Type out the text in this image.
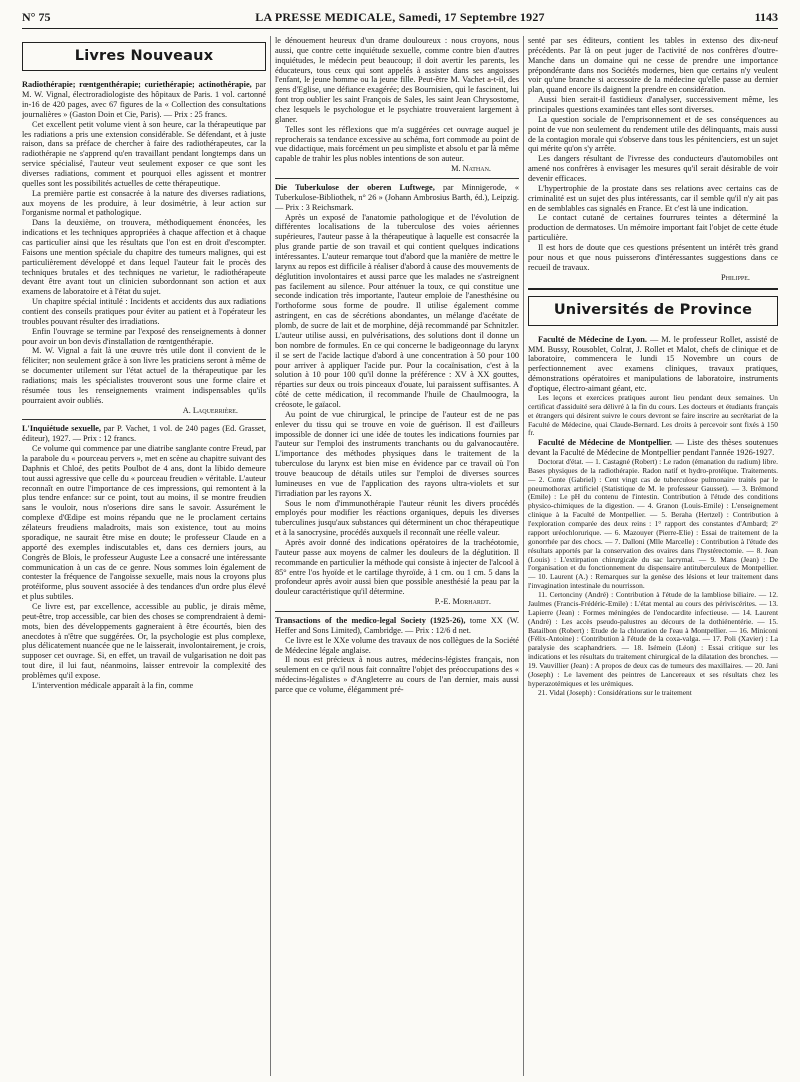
N° 75	LA PRESSE MEDICALE, Samedi, 17 Septembre 1927	1143
Livres Nouveaux

Radiothérapie; rœntgenthérapie; curiethérapie; actinothérapie, par M. W. Vignal, électroradiologiste des hôpitaux de Paris. 1 vol. cartonné in-16 de 420 pages, avec 67 figures de la « Collection des consultations journalières » (Gaston Doin et Cie, Paris). — Prix : 25 francs.

Cet excellent petit volume vient à son heure, car la thérapeutique par les radiations a pris une extension considérable. Se défendant, et à juste raison, dans sa préface de chercher à faire des radiothérapeutes, car la radiothérapie ne s'apprend qu'en travaillant pendant longtemps dans un service spécialisé, l'auteur veut seulement exposer ce que sont les diverses radiations, comment et pourquoi elles agissent et montrer quelles sont les possibilités actuelles de cette thérapeutique.

La première partie est consacrée à la nature des diverses radiations, aux moyens de les produire, à leur dosimétrie, à leur action sur l'organisme normal et pathologique.

Dans la deuxième, on trouvera, méthodiquement énoncées, les indications et les techniques appropriées à chaque affection et à chaque cas particulier ainsi que les résultats que l'on est en droit d'escompter. Faisons une mention spéciale du chapitre des tumeurs malignes, qui est particulièrement développé et dans lequel l'auteur fait le procès des techniques brutales et des techniques ne varietur, le radiothérapeute devant être avant tout un clinicien subordonnant son action et aux examens de laboratoire et à l'état du sujet.

Un chapitre spécial intitulé : Incidents et accidents dus aux radiations contient des conseils pratiques pour éviter au patient et à l'opérateur les troubles pouvant résulter des irradiations.

Enfin l'ouvrage se termine par l'exposé des renseignements à donner pour avoir un bon devis d'installation de rœntgenthérapie.

M. W. Vignal a fait là une œuvre très utile dont il convient de le féliciter; non seulement grâce à son livre les praticiens seront à même de se documenter utilement sur l'état actuel de la thérapeutique par les radiations; mais les spécialistes trouveront sous une forme claire et résumée tous les renseignements vraiment indispensables qu'ils pourraient avoir oubliés.

A. Laquerrière.

L'Inquiétude sexuelle, par P. Vachet, 1 vol. de 240 pages (Ed. Grasset, éditeur), 1927. — Prix : 12 francs.

Ce volume qui commence par une diatribe sanglante contre Freud, par la parabole du « pourceau pervers », met en scène au chapitre suivant des Daphnis et Chloé, des petits Poulbot de 4 ans, dont la libido demeure tout aussi agressive que celle du « pourceau freudien » véritable. L'auteur reconnaît en outre l'importance de ces impressions, qui remontent à la plus tendre enfance: sur ce point, tout au moins, il se montre freudien sans le vouloir, nous n'oserions dire sans le savoir. Assurément le complexe d'Œdipe est moins répandu que ne le proclament certains zélateurs freudiens maladroits, mais son existence, tout au moins sporadique, ne saurait être mise en doute; le professeur Claude en a apporté des exemples indiscutables et, dans ces derniers jours, au Congrès de Blois, le professeur Auguste Lee a consacré une intéressante communication à un cas de ce genre. Nous sommes loin également de contester la fréquence de l'angoisse sexuelle, mais nous la croyons plus protéiforme, plus souvent associée à des tendances d'un ordre plus élevé et plus subtiles.

Ce livre est, par excellence, accessible au public, je dirais même, peut-être, trop accessible, car bien des choses se comprendraient à demi-mots, bien des développements gagneraient à être écourtés, bien des anecdotes à n'être que suggérées. Or, la psychologie est plus complexe, plus délicatement nuancée que ne le laisserait, involontairement, je crois, supposer cet ouvrage. Si, en effet, un travail de vulgarisation ne doit pas tout dire, il lui faut, néanmoins, laisser entrevoir la complexité des problèmes qu'il expose.

L'intervention médicale apparaît à la fin, comme

le dénouement heureux d'un drame douloureux : nous croyons, nous aussi, que contre cette inquiétude sexuelle, comme contre bien d'autres inquiétudes, le médecin peut beaucoup; il doit avertir les parents, les éducateurs, tous ceux qui sont appelés à assister dans ses angoisses l'enfant, le jeune homme ou la jeune fille. Peut-être M. Vachet a-t-il, des gens d'Eglise, une défiance exagérée; des Bournisien, qui le fascinent, lui font trop oublier les saint François de Sales, les saint Jean Chrysostome, chez lesquels le psychologue et le psychiatre trouveraient largement à glaner.

Telles sont les réflexions que m'a suggérées cet ouvrage auquel je reprocherais sa tendance excessive au schéma, fort commode au point de vue didactique, mais forcément un peu simpliste et absolu et par là même capable de trahir les plus nobles intentions de son auteur.

M. Nathan.

Die Tuberkulose der oberen Luftwege, par Minnigerode, « Tuberkulose-Bibliothek, n° 26 » (Johann Ambrosius Barth, éd.), Leipzig. — Prix : 3 Reichsmark.

Après un exposé de l'anatomie pathologique et de l'évolution de différentes localisations de la tuberculose des voies aériennes supérieures, l'auteur passe à la thérapeutique à laquelle est consacrée la plus grande partie de son travail et qui contient quelques indications intéressantes. L'auteur remarque tout d'abord que la manière de mettre le larynx au repos est difficile à réaliser d'abord à cause des mouvements de déglutition involontaires et aussi parce que les malades ne s'astreignent pas facilement au silence. Pour atténuer la toux, ce qui constitue une seconde indication très importante, l'auteur emploie de l'anesthésine ou l'orthoforme sous forme de poudre. Il utilise également comme astringent, en cas de sécrétions abondantes, un mélange d'acétate de plomb, de sucre de lait et de morphine, déjà recommandé par Schnitzler. L'auteur utilise aussi, en pulvérisations, des solutions dont il donne un bon nombre de formules. En ce qui concerne le badigeonnage du larynx il se sert de l'acide lactique d'abord à une concentration à 50 pour 100 pour arriver à appliquer l'acide pur. Pour la cocaïnisation, c'est à la solution à 10 pour 100 qu'il donne la préférence : XV à XX gouttes, réparties sur deux ou trois pinceaux d'ouate, lui paraissent suffisantes. A côté de cette médication, il recommande l'huile de Chaulmoogra, la créosote, le gaïacol.

Au point de vue chirurgical, le principe de l'auteur est de ne pas enlever du tissu qui se trouve en voie de guérison. Il est d'ailleurs impossible de donner ici une idée de toutes les indications fournies par l'auteur sur l'emploi des instruments tranchants ou du galvanocautère. L'importance des méthodes physiques dans le traitement de la tuberculose du larynx est bien mise en évidence par ce travail où l'on trouve beaucoup de détails utiles sur l'emploi de diverses sources lumineuses en vue de l'application des rayons ultra-violets et sur l'irradiation par les rayons X.

Sous le nom d'immunothérapie l'auteur réunit les divers procédés employés pour modifier les réactions organiques, depuis les diverses tuberculines jusqu'aux substances qui déterminent un choc thérapeutique et à la sanocrysine, procédés auxquels il reconnaît une réelle valeur.

Après avoir donné des indications opératoires de la trachéotomie, l'auteur passe aux moyens de calmer les douleurs de la déglutition. Il recommande en particulier la méthode qui consiste à injecter de l'alcool à 85° entre l'os hyoïde et le cartilage thyroïde, à 1 cm. ou 1 cm. 5 dans la profondeur après avoir aussi bien que possible anesthésié la peau par la douleur caractéristique qu'il détermine.

P.-E. Morhardt.

Transactions of the medico-legal Society (1925-26), tome XX (W. Heffer and Sons Limited), Cambridge. — Prix : 12/6 d net.

Ce livre est le XXe volume des travaux de nos collègues de la Société de Médecine légale anglaise.

Il nous est précieux à nous autres, médecins-légistes français, non seulement en ce qu'il nous fait connaître l'objet des préoccupations des « médecins-légalistes » d'Angleterre au cours de l'an dernier, mais aussi parce que ce volume, élégamment pré-

senté par ses éditeurs, contient les tables in extenso des dix-neuf précédents. Par là on peut juger de l'activité de nos confrères d'outre-Manche dans un domaine qui ne cesse de prendre une importance prépondérante dans nos Sociétés modernes, bien que certains n'y veulent voir qu'une branche si accessoire de la médecine qu'elle passe au dernier plan, quand encore ils daignent la prendre en considération.

Aussi bien serait-il fastidieux d'analyser, successivement même, les principales questions examinées tant elles sont diverses.

La question sociale de l'emprisonnement et de ses conséquences au point de vue non seulement du rendement utile des délinquants, mais aussi de la contagion morale qui s'observe dans tous les pénitenciers, est un sujet qui mérite qu'on s'y arrête.

Les dangers résultant de l'ivresse des conducteurs d'automobiles ont amené nos confrères à envisager les mesures qu'il serait désirable de voir devenir efficaces.

L'hypertrophie de la prostate dans ses relations avec certains cas de criminalité est un sujet des plus intéressants, car il semble qu'il n'y ait pas en de semblables cas signalés en France. Et c'est là une indication.

Le contact cutané de certaines fourrures teintes a déterminé la production de dermatoses. Un mémoire important fait l'objet de cette étude particulière.

Il est hors de doute que ces questions présentent un intérêt très grand pour nous et que nous puisserons d'intéressantes suggestions dans ce recueil de travaux.

Philippe.

Universités de Province

Faculté de Médecine de Lyon. — M. le professeur Rollet, assisté de MM. Bussy, Rousoblet, Colrat, J. Rollet et Malot, chefs de clinique et de laboratoire, commencera le lundi 15 Novembre un cours de perfectionnement avec examens cliniques, travaux pratiques, démonstrations opératoires et manipulations de laboratoire, instruments d'optique, électro-aimant géant, etc.

Les leçons et exercices pratiques auront lieu pendant deux semaines. Un certificat d'assiduité sera délivré à la fin du cours. Les docteurs et étudiants français et étrangers qui désirent suivre le cours devront se faire inscrire au secrétariat de la Faculté de Médecine, quai Claude-Bernard. Les droits à percevoir sont fixés à 150 fr.

Faculté de Médecine de Montpellier. — Liste des thèses soutenues devant la Faculté de Médecine de Montpellier pendant l'année 1926-1927.

Doctorat d'état. — 1. Castagné (Robert) : Le radon (émanation du radium) libre. Bases physiques de la radiothérapie. Radon natif et hydro-protéique. Traitements. — 2. Conte (Gabriel) : Cent vingt cas de tuberculose pulmonaire traités par le pneumothorax artificiel (Statistique de M. le professeur Gausset). — 3. Brémond (Emile) : Le pH du contenu de l'intestin. Contribution à l'étude des conditions physico-chimiques de la digestion. — 4. Granon (Louis-Emile) : L'enseignement clinique à la Faculté de Montpellier. — 5. Beraha (Hertzel) : Contribution à l'exploration comparée des deux reins : 1° rapport des constantes d'Ambard; 2° rapport uréochlorurique. — 6. Mazouyer (Pierre-Elie) : Essai de traitement de la gonorrhée par des chocs. — 7. Dalloni (Mlle Marcelle) : Contribution à l'étude des résultats apportés par la conservation des ovaires dans l'hystérectomie. — 8. Jean (Louis) : L'extirpation chirurgicale du sac lacrymal. — 9. Mans (Jean) : De l'organisation et du fonctionnement du dispensaire antituberculeux de Montpellier. — 10. Laurent (A.) : Remarques sur la genèse des lésions et leur traitement dans l'invagination intestinale du nourrisson.

11. Certonciny (André) : Contribution à l'étude de la lambliose biliaire. — 12. Jaulmes (Francis-Frédéric-Emile) : L'état mental au cours des périviscérites. — 13. Lapierre (Jean) : Formes méningées de l'endocardite infectieuse. — 14. Laurent (André) : Les accès pseudo-palustres au décours de la dothiénentérie. — 15. Batailbon (Robert) : Etude de la chloration de l'eau à Montpellier. — 16. Miniconi (Félix-Antoine) : Contribution à l'étude de la coxa-valga. — 17. Poli (Xavier) : La paralysie des scaphandriers. — 18. Isémein (Léon) : Essai critique sur les indications et les résultats du traitement chirurgical de la dilatation des bronches. — 19. Vauvillier (Jean) : A propos de deux cas de tumeurs des maxillaires. — 20. Jani (Joseph) : Le lavement des peintres de Lancereaux et ses résultats chez les hyperazotémiques et les urémiques.

21. Vidal (Joseph) : Considérations sur le traitement
